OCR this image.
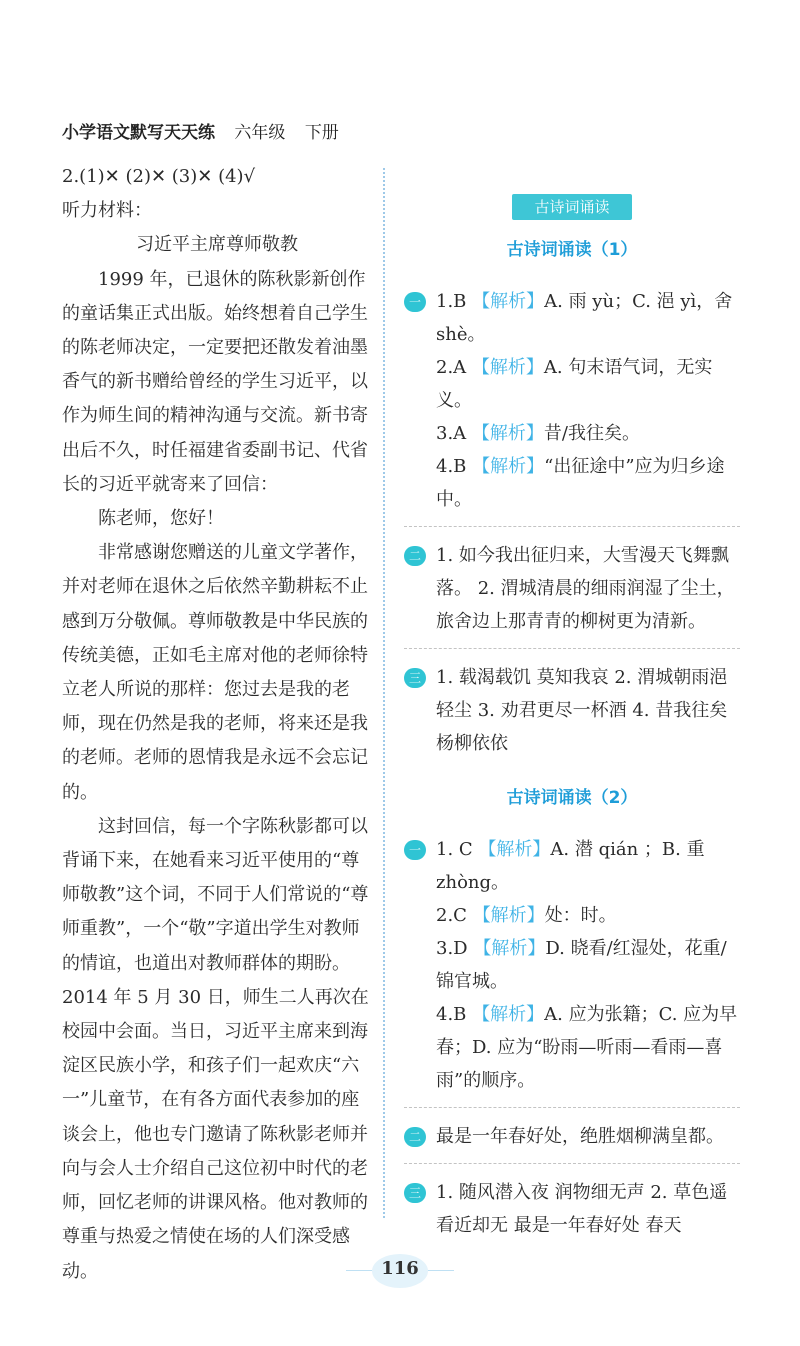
小学语文默写天天练 六年级 下册

2.(1)✕ (2)✕ (3)✕ (4)√

听力材料：

习近平主席尊师敬教

1999 年，已退休的陈秋影新创作的童话集正式出版。始终想着自己学生的陈老师决定，一定要把还散发着油墨香气的新书赠给曾经的学生习近平，以作为师生间的精神沟通与交流。新书寄出后不久，时任福建省委副书记、代省长的习近平就寄来了回信：

陈老师，您好！

非常感谢您赠送的儿童文学著作，并对老师在退休之后依然辛勤耕耘不止感到万分敬佩。尊师敬教是中华民族的传统美德，正如毛主席对他的老师徐特立老人所说的那样：您过去是我的老师，现在仍然是我的老师，将来还是我的老师。老师的恩情我是永远不会忘记的。

这封回信，每一个字陈秋影都可以背诵下来，在她看来习近平使用的“尊师敬教”这个词，不同于人们常说的“尊师重教”，一个“敬”字道出学生对教师的情谊，也道出对教师群体的期盼。2014 年 5 月 30 日，师生二人再次在校园中会面。当日，习近平主席来到海淀区民族小学，和孩子们一起欢庆“六一”儿童节，在有各方面代表参加的座谈会上，他也专门邀请了陈秋影老师并向与会人士介绍自己这位初中时代的老师，回忆老师的讲课风格。他对教师的尊重与热爱之情使在场的人们深受感动。

古诗词诵读
古诗词诵读（1）
一 1.B 【解析】A. 雨 yù；C. 浥 yì，舍 shè。

2.A 【解析】A. 句末语气词，无实义。

3.A 【解析】昔/我往矣。

4.B 【解析】“出征途中”应为归乡途中。

二 1. 如今我出征归来，大雪漫天飞舞飘落。 2. 渭城清晨的细雨润湿了尘土，旅舍边上那青青的柳树更为清新。

三 1. 载渴载饥 莫知我哀 2. 渭城朝雨浥轻尘 3. 劝君更尽一杯酒 4. 昔我往矣 杨柳依依

古诗词诵读（2）
一 1. C 【解析】A. 潜 qián ；B. 重 zhòng。

2.C 【解析】处：时。

3.D 【解析】D. 晓看/红湿处，花重/锦官城。

4.B 【解析】A. 应为张籍；C. 应为早春；D. 应为“盼雨—听雨—看雨—喜雨”的顺序。

二 最是一年春好处，绝胜烟柳满皇都。

三 1. 随风潜入夜 润物细无声 2. 草色遥看近却无 最是一年春好处 春天

116
